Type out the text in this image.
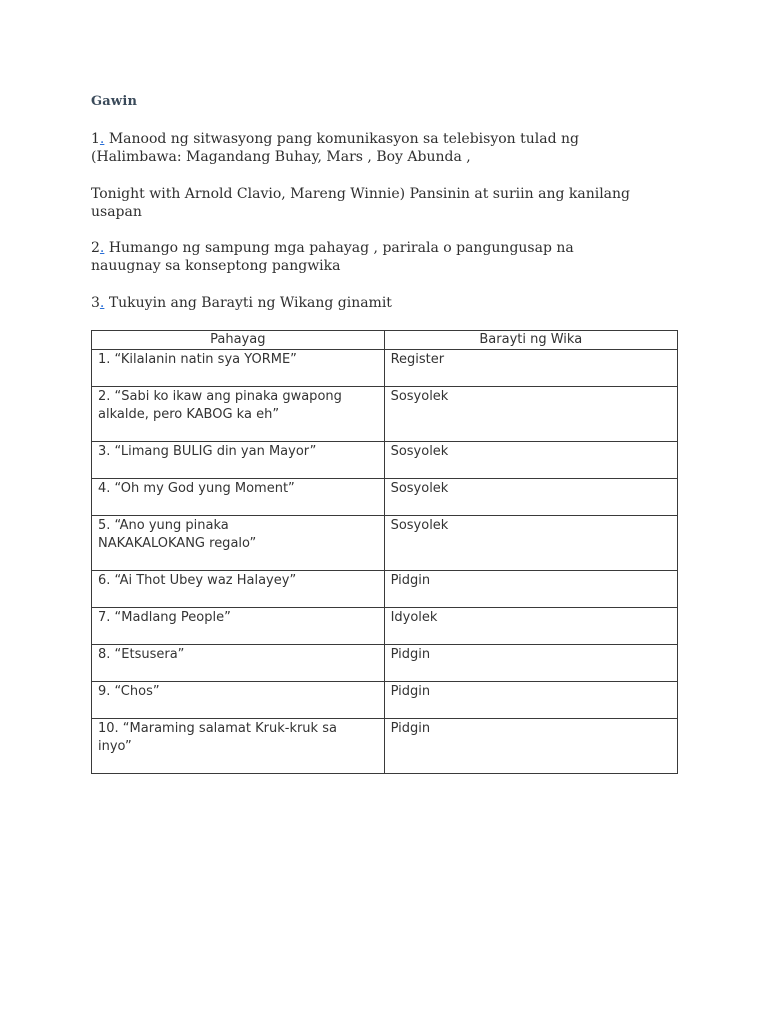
Gawin
1. Manood ng sitwasyong pang komunikasyon sa telebisyon tulad ng
(Halimbawa: Magandang Buhay, Mars , Boy Abunda ,
Tonight with Arnold Clavio, Mareng Winnie) Pansinin at suriin ang kanilang
usapan
2. Humango ng sampung mga pahayag , parirala o pangungusap na
nauugnay sa konseptong pangwika
3. Tukuyin ang Barayti ng Wikang ginamit
Pahayag	Barayti ng Wika

1. “Kilalanin natin sya YORME”	Register

2. “Sabi ko ikaw ang pinaka gwapong
alkalde, pero KABOG ka eh”	Sosyolek

3. “Limang BULIG din yan Mayor”	Sosyolek

4. “Oh my God yung Moment”	Sosyolek

5. “Ano yung pinaka
NAKAKALOKANG regalo”	Sosyolek

6. “Ai Thot Ubey waz Halayey”	Pidgin

7. “Madlang People”	Idyolek

8. “Etsusera”	Pidgin

9. “Chos”	Pidgin

10. “Maraming salamat Kruk-kruk sa
inyo”	Pidgin
